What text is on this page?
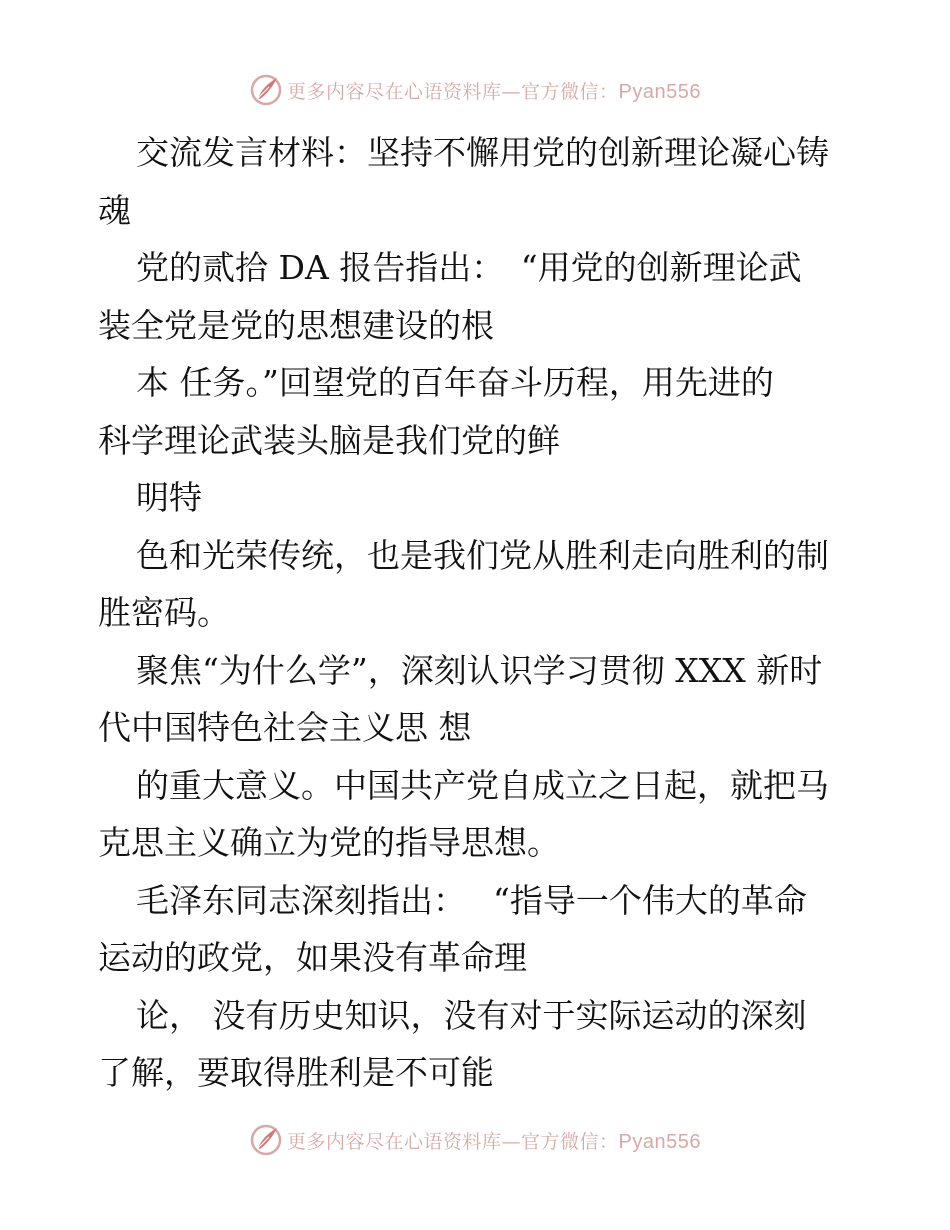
更多内容尽在心语资料库—官方微信：Pyan556
交流发言材料：坚持不懈用党的创新理论凝心铸
魂
党的贰拾 DA 报告指出：　“用党的创新理论武
装全党是党的思想建设的根
本 任务。”回望党的百年奋斗历程，用先进的
科学理论武装头脑是我们党的鲜
明特
色和光荣传统，也是我们党从胜利走向胜利的制
胜密码。
聚焦“为什么学”，深刻认识学习贯彻 XXX 新时
代中国特色社会主义思 想
的重大意义。中国共产党自成立之日起，就把马
克思主义确立为党的指导思想。
毛泽东同志深刻指出：　 “指导一个伟大的革命
运动的政党，如果没有革命理
论， 没有历史知识，没有对于实际运动的深刻
了解，要取得胜利是不可能
更多内容尽在心语资料库—官方微信：Pyan556
